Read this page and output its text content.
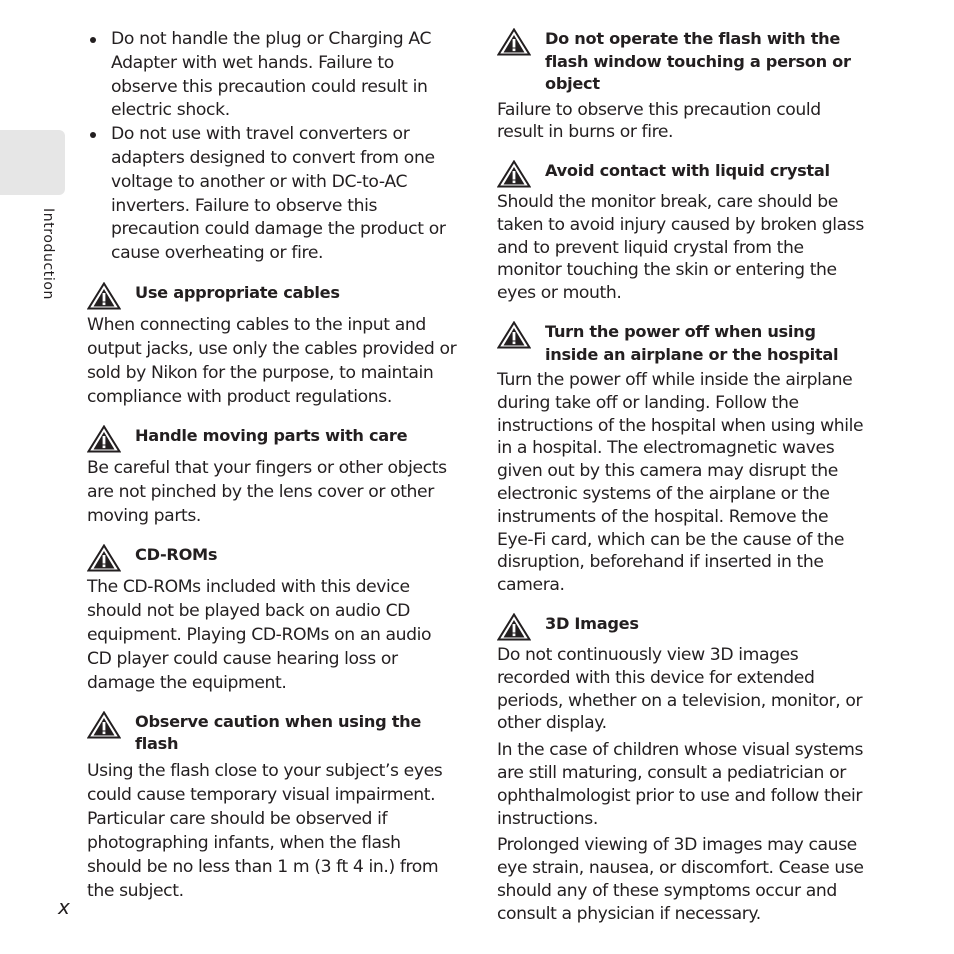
Introduction
Do not handle the plug or Charging AC Adapter with wet hands. Failure to observe this precaution could result in electric shock.
Do not use with travel converters or adapters designed to convert from one voltage to another or with DC-to-AC inverters. Failure to observe this precaution could damage the product or cause overheating or fire.
Use appropriate cables

When connecting cables to the input and output jacks, use only the cables provided or sold by Nikon for the purpose, to maintain compliance with product regulations.

Handle moving parts with care

Be careful that your fingers or other objects are not pinched by the lens cover or other moving parts.

CD-ROMs

The CD-ROMs included with this device should not be played back on audio CD equipment. Playing CD-ROMs on an audio CD player could cause hearing loss or damage the equipment.

Observe caution when using the flash

Using the flash close to your subject’s eyes could cause temporary visual impairment. Particular care should be observed if photographing infants, when the flash should be no less than 1 m (3 ft 4 in.) from the subject.

Do not operate the flash with the flash window touching a person or object

Failure to observe this precaution could result in burns or fire.

Avoid contact with liquid crystal

Should the monitor break, care should be taken to avoid injury caused by broken glass and to prevent liquid crystal from the monitor touching the skin or entering the eyes or mouth.

Turn the power off when using inside an airplane or the hospital

Turn the power off while inside the airplane during take off or landing. Follow the instructions of the hospital when using while in a hospital. The electromagnetic waves given out by this camera may disrupt the electronic systems of the airplane or the instruments of the hospital. Remove the Eye-Fi card, which can be the cause of the disruption, beforehand if inserted in the camera.

3D Images

Do not continuously view 3D images recorded with this device for extended periods, whether on a television, monitor, or other display.

In the case of children whose visual systems are still maturing, consult a pediatrician or ophthalmologist prior to use and follow their instructions.

Prolonged viewing of 3D images may cause eye strain, nausea, or discomfort. Cease use should any of these symptoms occur and consult a physician if necessary.

x
